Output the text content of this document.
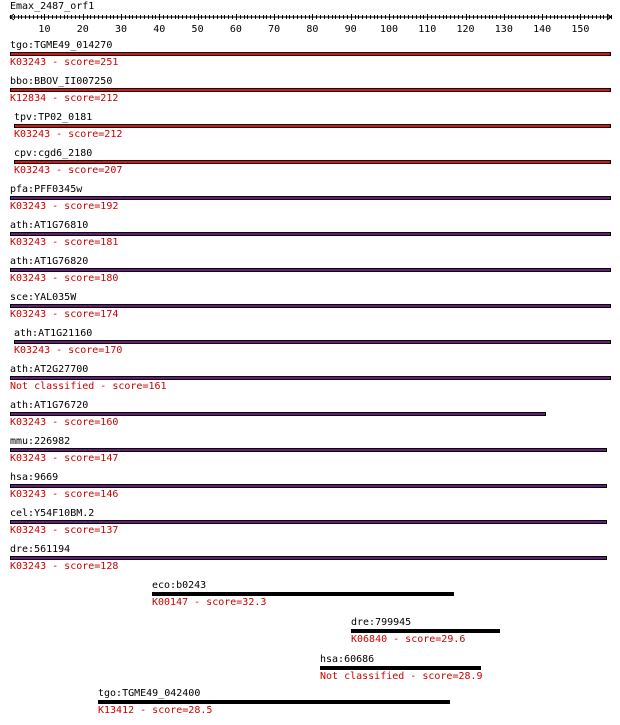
Emax_2487_orf1
10	20	30	40	50	60	70	80	90 100 110 120 130 140 150
tgo:TGME49_014270
K03243 - score=251
bbo:BBOV_II007250
K12834 - score=212
tpv:TP02_0181
K03243 - score=212
cpv:cgd6_2180
K03243 - score=207
pfa:PFF0345w
K03243 - score=192
ath:AT1G76810
K03243 - score=181
ath:AT1G76820
K03243 - score=180
sce:YAL035W
K03243 - score=174
ath:AT1G21160
K03243 - score=170
ath:AT2G27700
Not classified - score=161
ath:AT1G76720
K03243 - score=160
mmu:226982
K03243 - score=147
hsa:9669
K03243 - score=146
cel:Y54F10BM.2
K03243 - score=137
dre:561194
K03243 - score=128
eco:b0243
K00147 - score=32.3
dre:799945
K06840 - score=29.6
hsa:60686
Not classified - score=28.9
tgo:TGME49_042400
K13412 - score=28.5
